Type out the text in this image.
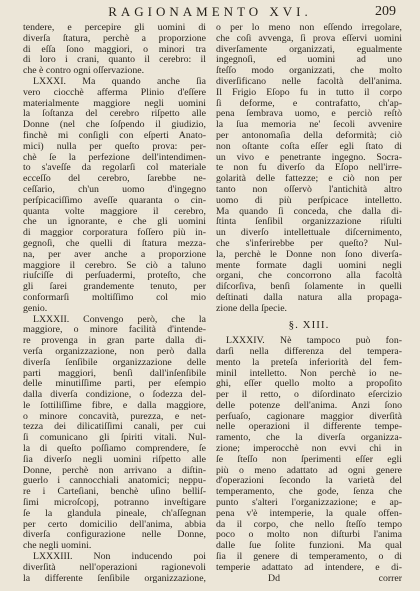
RAGIONAMENTO XVI.	209
tendere, e percepire gli uomini di
diverſa ſtatura, perchè a proporzione
di eſſa ſono maggiori, o minori tra
di loro i crani, quanto il cerebro: il
che è contro ogni oſſervazione.
LXXXI. Ma quando anche ſia
vero ciocchè afferma Plinio d'eſſere
materialmente maggiore negli uomini
la ſoſtanza del cerebro riſpetto alle
Donne (nel che ſoſpendo il giudizio,
finchè mi conſigli con eſperti Anato-
mici) nulla per queſto prova: per-
chè ſe la perfezione dell'intendimen-
to s'aveſſe da regolarſi col materiale
ecceſſo del cerebro, ſarebbe ne-
ceſſario, ch'un uomo d'ingegno
perſpicaciſſimo aveſſe quaranta o cin-
quanta volte maggiore il cerebro,
che un ignorante, e che gli uomini
di maggior corporatura foſſero più in-
gegnoſi, che quelli di ſtatura mezza-
na, per aver anche a proporzione
maggiore il cerebro. Se ciò a taluno
riuſciſſe di perſuadermi, proteſto, che
gli ſarei grandemente tenuto, per
conformarſi moltiſſimo col mio
genio.
LXXXII. Convengo però, che la
maggiore, o minore facilità d'intende-
re provenga in gran parte dalla di-
verſa organizzazione, non però dalla
diverſa ſenſibile organizzazione delle
parti maggiori, benſì dall'inſenſibile
delle minutiſſime parti, per eſempio
dalla diverſa condizione, o ſodezza del-
le ſottiliſſime fibre, e dalla maggiore,
o minore concavità, purezza, e net-
tezza dei dilicatiſſimi canali, per cui
ſi comunicano gli ſpiriti vitali. Nul-
la di queſto poſſiamo comprendere, ſe
ſia diverſo negli uomini riſpetto alle
Donne, perchè non arrivano a diſtin-
guerlo i cannocchiali anatomici; neppu-
re i Carteſiani, benchè uſino belliſ-
ſimi microſcopj, potranno inveſtigare
ſe la glandula pineale, ch'aſſegnan
per certo domicilio dell'anima, abbia
diverſa configurazione nelle Donne,
che negli uomini.
LXXXIII. Non inducendo poi
diverſità nell'operazioni ragionevoli
la differente ſenſibile organizzazione,
o per lo meno non eſſendo irregolare,
che coſì avvenga, ſi prova eſſervi uomini
diverſamente organizzati, egualmente
ingegnoſi, ed uomini ad uno
ſteſſo modo organizzati, che molto
diverſificano nelle facoltà dell'anima.
Il Frigio Eſopo fu in tutto il corpo
ſì deforme, e contrafatto, ch'ap-
pena ſembrava uomo, e perciò reſtò
la ſua memoria ne' ſecoli avvenire
per antonomaſia della deformità; ciò
non oſtante coſta eſſer egli ſtato di
un vivo e penetrante ingegno. Socra-
te non fu diverſo da Eſopo nell'irre-
golarità delle fattezze; e ciò non per
tanto non oſſervò l'antichità altro
uomo di più perſpicace intelletto.
Ma quando ſi conceda, che dalla di-
ſtinta ſenſibil organizzazione riſulti
un diverſo intellettuale diſcernimento,
che s'inferirebbe per queſto? Nul-
la, perchè le Donne non ſono diverſa-
mente formate dagli uomini negli
organi, che concorrono alla facoltà
diſcorſiva, benſì ſolamente in quelli
deſtinati dalla natura alla propaga-
zione della ſpecie.
§. XIII.
LXXXIV. Nè tampoco può fon-
darſi nella differenza del tempera-
mento la preteſa inferiorità del fem-
minil intelletto. Non perchè io ne-
ghi, eſſer quello molto a propoſito
per il retto, o diſordinato eſercizio
delle potenze dell'anima. Anzi ſono
perſuaſo, cagionare maggior diverſità
nelle operazioni il differente tempe-
ramento, che la diverſa organizza-
zione; imperocchè non evvi chi in
ſe ſteſſo non ſperimenti eſſer egli
più o meno adattato ad ogni genere
d'operazioni ſecondo la varietà del
temperamento, che gode, ſenza che
punto s'alteri l'organizzazione; e ap-
pena v'è intemperie, la quale offen-
da il corpo, che nello ſteſſo tempo
poco o molto non diſturbi l'anima
dalle ſue ſolite funzioni. Ma qual
ſia il genere di temperamento, o di
temperie adattato ad intendere, e di-
Dd	correr
